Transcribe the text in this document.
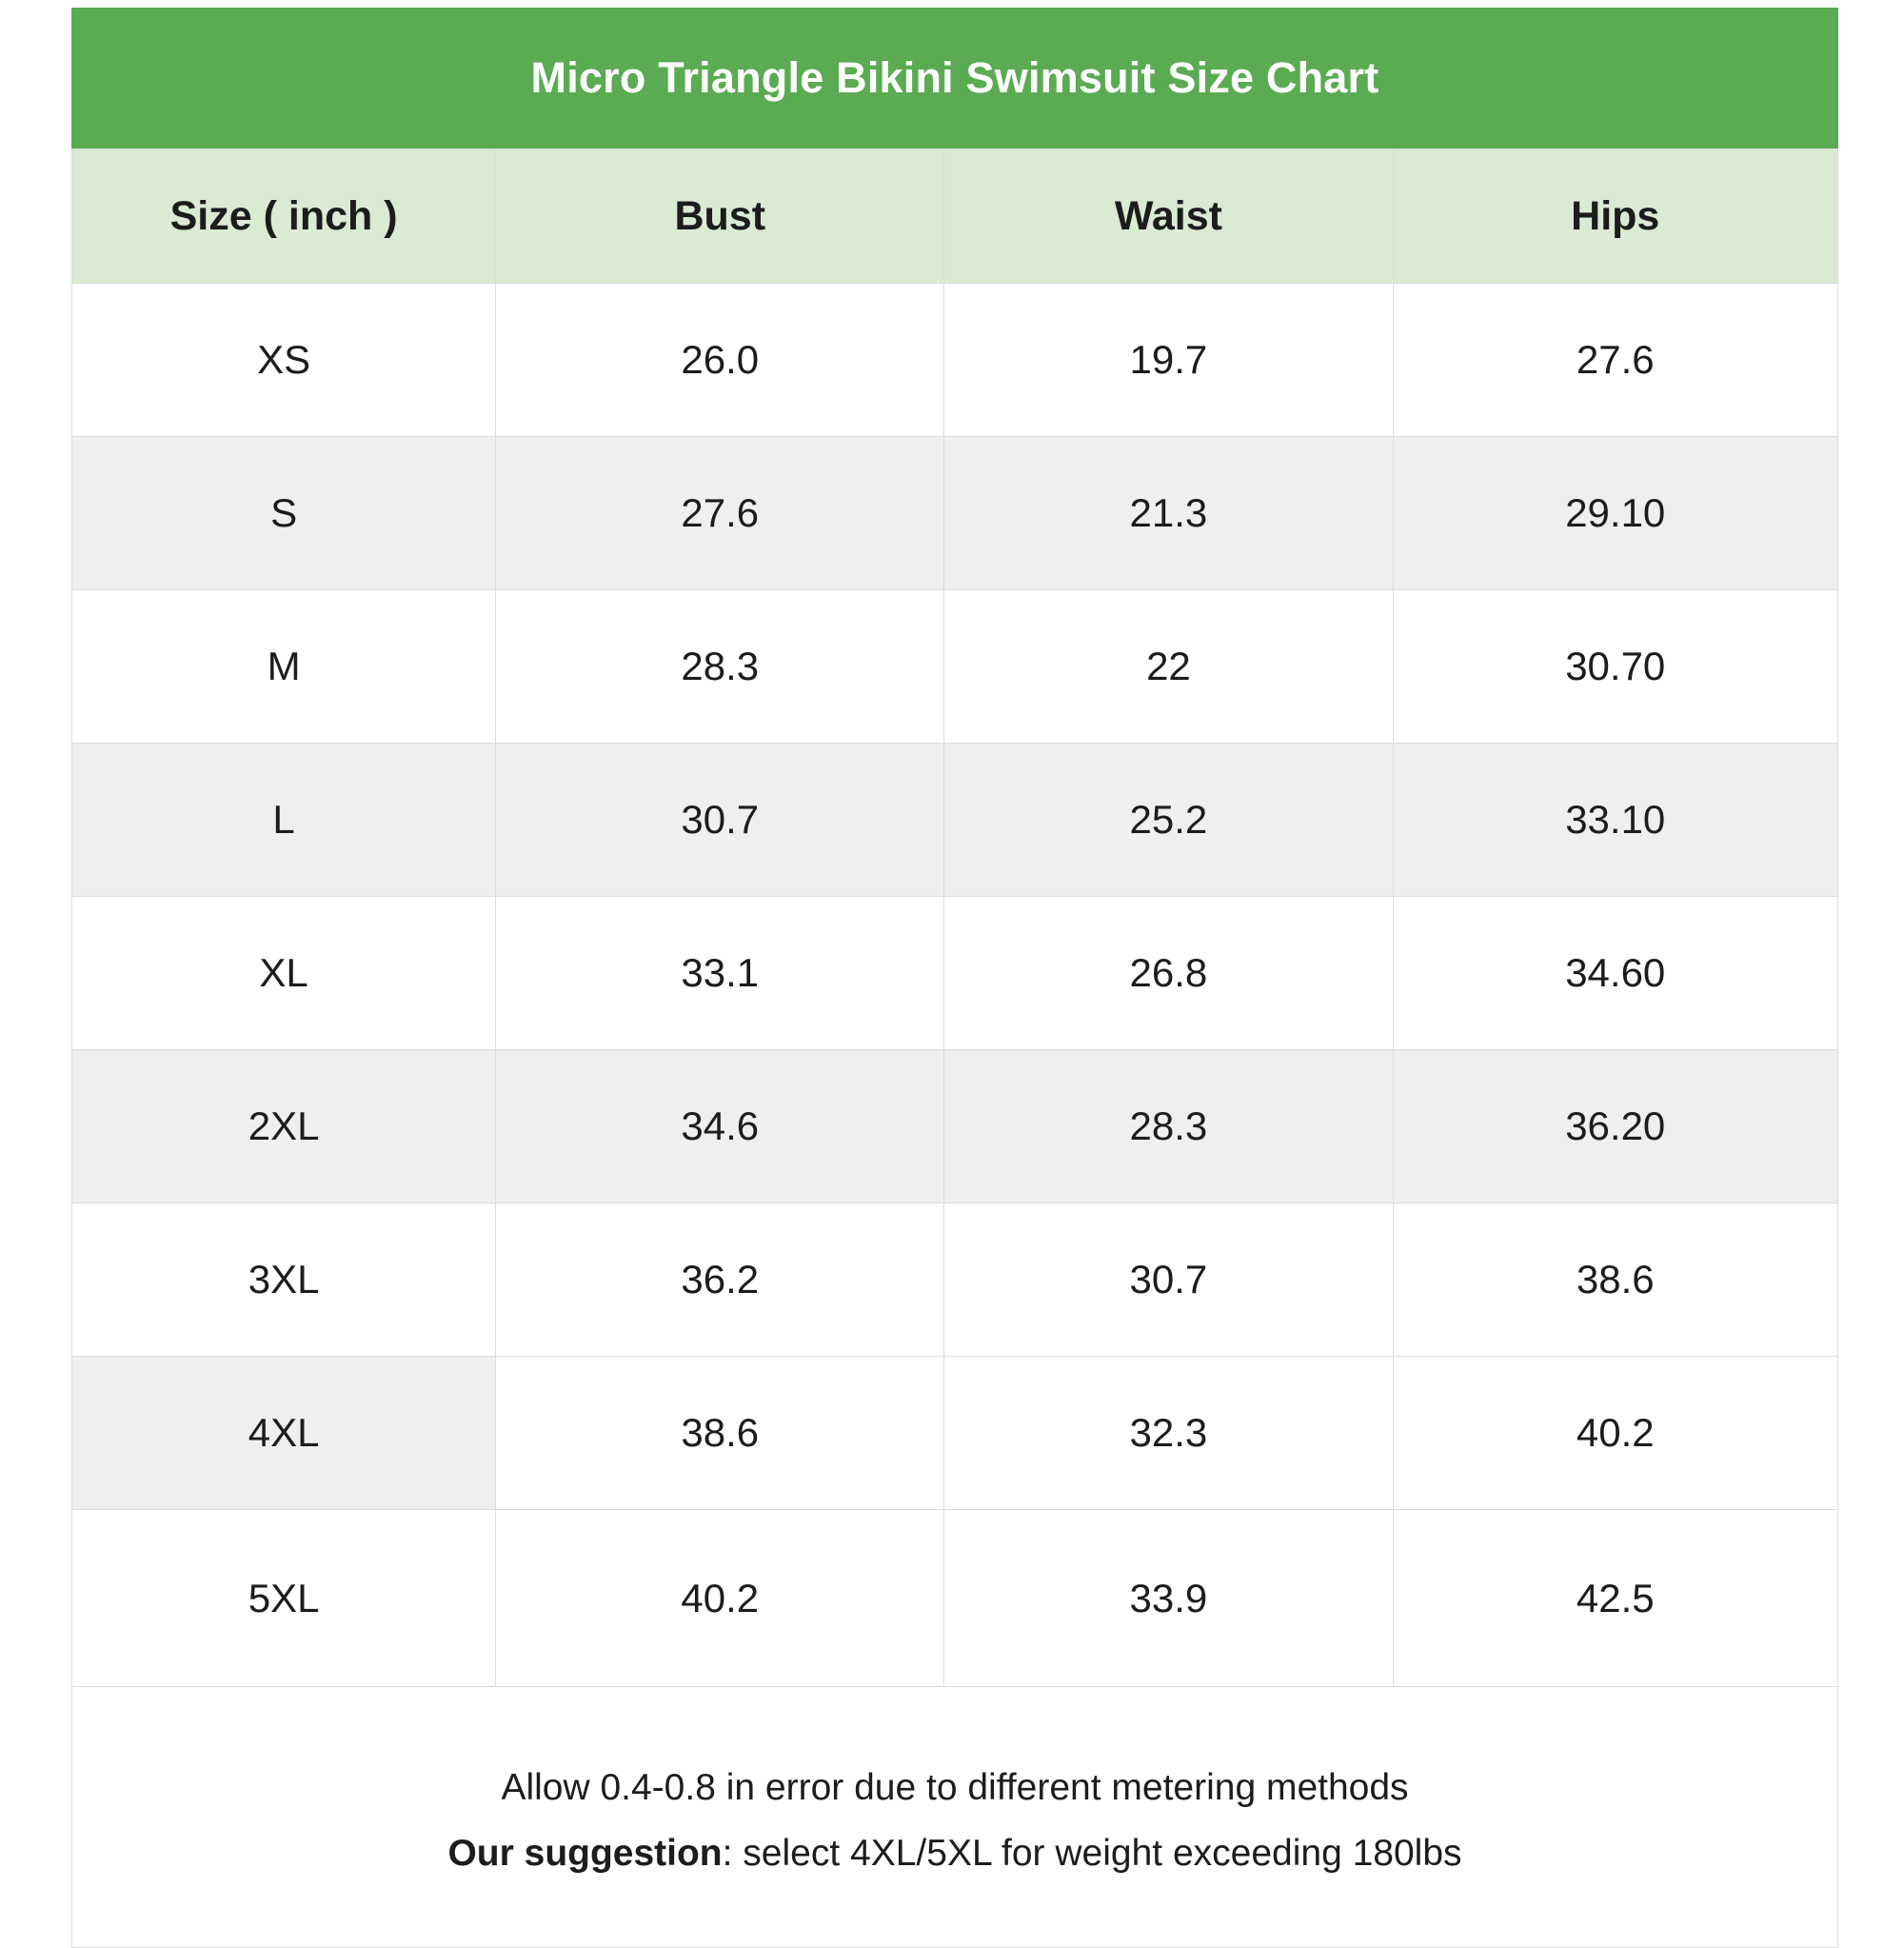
Micro Triangle Bikini Swimsuit Size Chart
Size ( inch )	Bust	Waist	Hips
XS	26.0	19.7	27.6
S	27.6	21.3	29.10
M	28.3	22	30.70
L	30.7	25.2	33.10
XL	33.1	26.8	34.60
2XL	34.6	28.3	36.20
3XL	36.2	30.7	38.6
4XL	38.6	32.3	40.2
5XL	40.2	33.9	42.5
Allow 0.4-0.8 in error due to different metering methods
Our suggestion: select 4XL/5XL for weight exceeding 180lbs
